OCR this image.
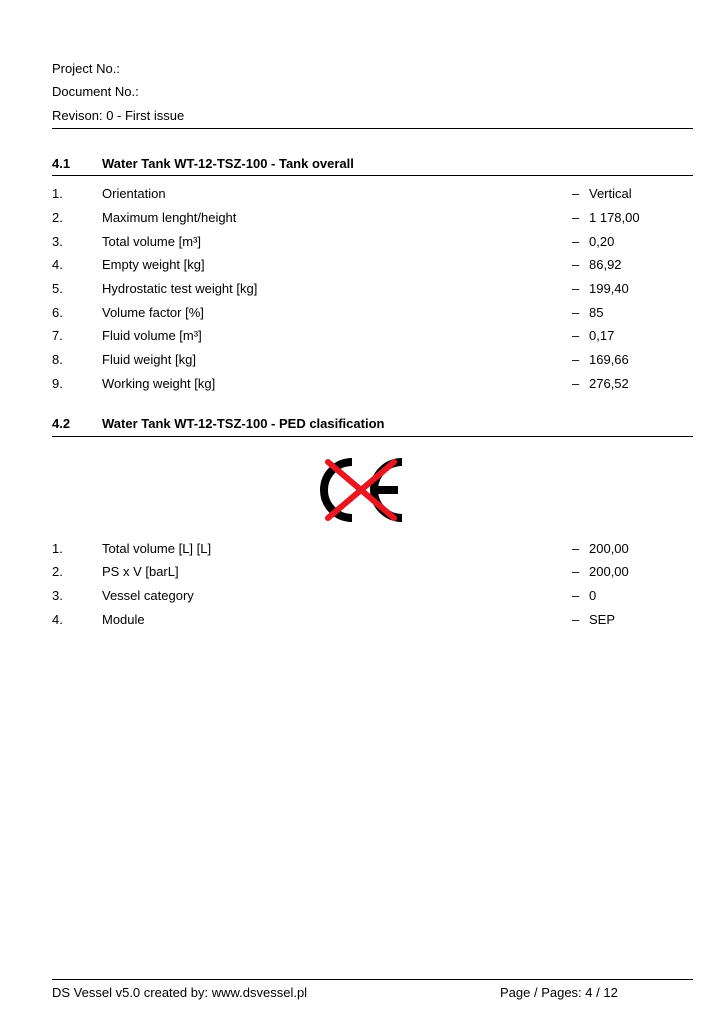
Project No.:
Document No.:
Revison: 0 - First issue
4.1 Water Tank WT-12-TSZ-100 - Tank overall
1.	Orientation	– Vertical
2.	Maximum lenght/height	– 1 178,00
3.	Total volume [m³]	– 0,20
4.	Empty weight [kg]	– 86,92
5.	Hydrostatic test weight [kg]	– 199,40
6.	Volume factor [%]	– 85
7.	Fluid volume [m³]	– 0,17
8.	Fluid weight [kg]	– 169,66
9.	Working weight [kg]	– 276,52
4.2 Water Tank WT-12-TSZ-100 - PED clasification
1.	Total volume [L] [L]	– 200,00
2.	PS x V [barL]	– 200,00
3.	Vessel category	– 0
4.	Module	– SEP
DS Vessel v5.0 created by: www.dsvessel.pl	Page / Pages: 4 / 12
